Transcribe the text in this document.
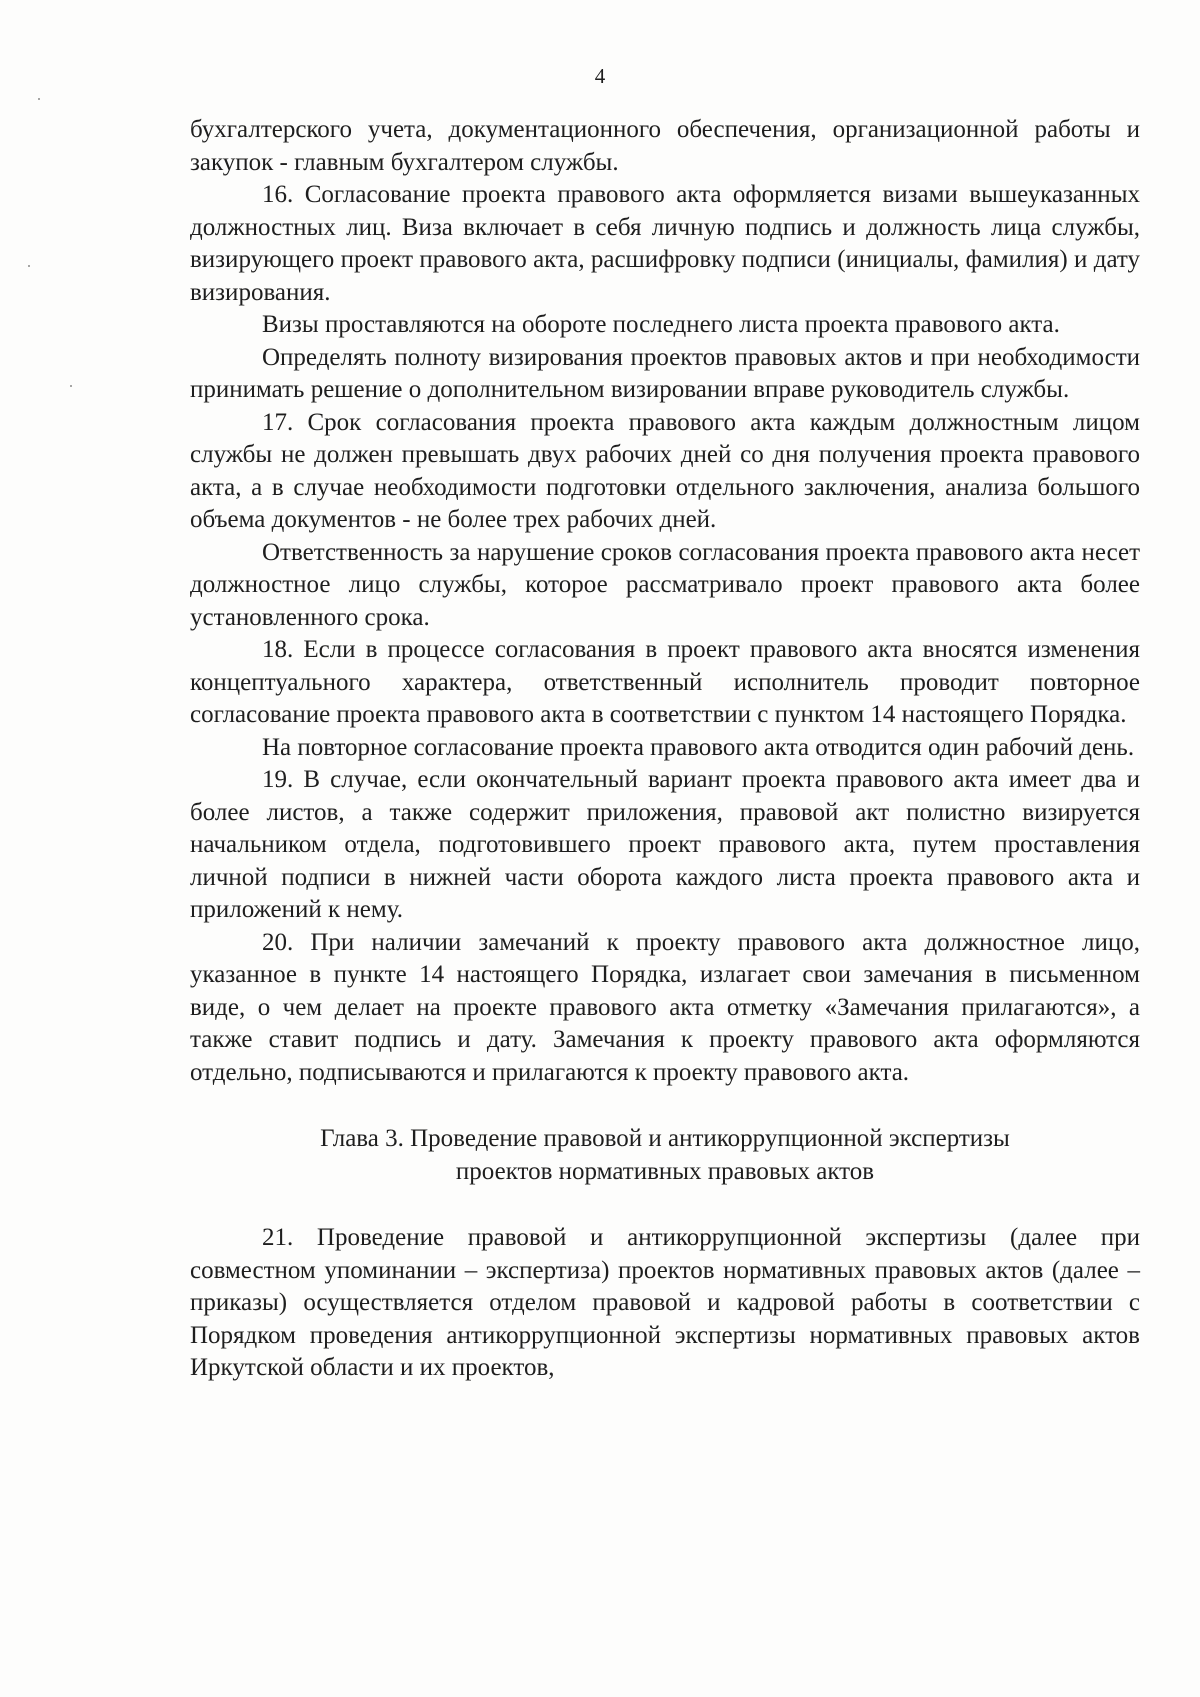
4

бухгалтерского учета, документационного обеспечения, организационной работы и закупок - главным бухгалтером службы.

16. Согласование проекта правового акта оформляется визами вышеуказанных должностных лиц. Виза включает в себя личную подпись и должность лица службы, визирующего проект правового акта, расшифровку подписи (инициалы, фамилия) и дату визирования.

Визы проставляются на обороте последнего листа проекта правового акта.

Определять полноту визирования проектов правовых актов и при необходимости принимать решение о дополнительном визировании вправе руководитель службы.

17. Срок согласования проекта правового акта каждым должностным лицом службы не должен превышать двух рабочих дней со дня получения проекта правового акта, а в случае необходимости подготовки отдельного заключения, анализа большого объема документов - не более трех рабочих дней.

Ответственность за нарушение сроков согласования проекта правового акта несет должностное лицо службы, которое рассматривало проект правового акта более установленного срока.

18. Если в процессе согласования в проект правового акта вносятся изменения концептуального характера, ответственный исполнитель проводит повторное согласование проекта правового акта в соответствии с пунктом 14 настоящего Порядка.

На повторное согласование проекта правового акта отводится один рабочий день.

19. В случае, если окончательный вариант проекта правового акта имеет два и более листов, а также содержит приложения, правовой акт полистно визируется начальником отдела, подготовившего проект правового акта, путем проставления личной подписи в нижней части оборота каждого листа проекта правового акта и приложений к нему.

20. При наличии замечаний к проекту правового акта должностное лицо, указанное в пункте 14 настоящего Порядка, излагает свои замечания в письменном виде, о чем делает на проекте правового акта отметку «Замечания прилагаются», а также ставит подпись и дату. Замечания к проекту правового акта оформляются отдельно, подписываются и прилагаются к проекту правового акта.

Глава 3. Проведение правовой и антикоррупционной экспертизы
проектов нормативных правовых актов

21. Проведение правовой и антикоррупционной экспертизы (далее при совместном упоминании – экспертиза) проектов нормативных правовых актов (далее – приказы) осуществляется отделом правовой и кадровой работы в соответствии с Порядком проведения антикоррупционной экспертизы нормативных правовых актов Иркутской области и их проектов,
